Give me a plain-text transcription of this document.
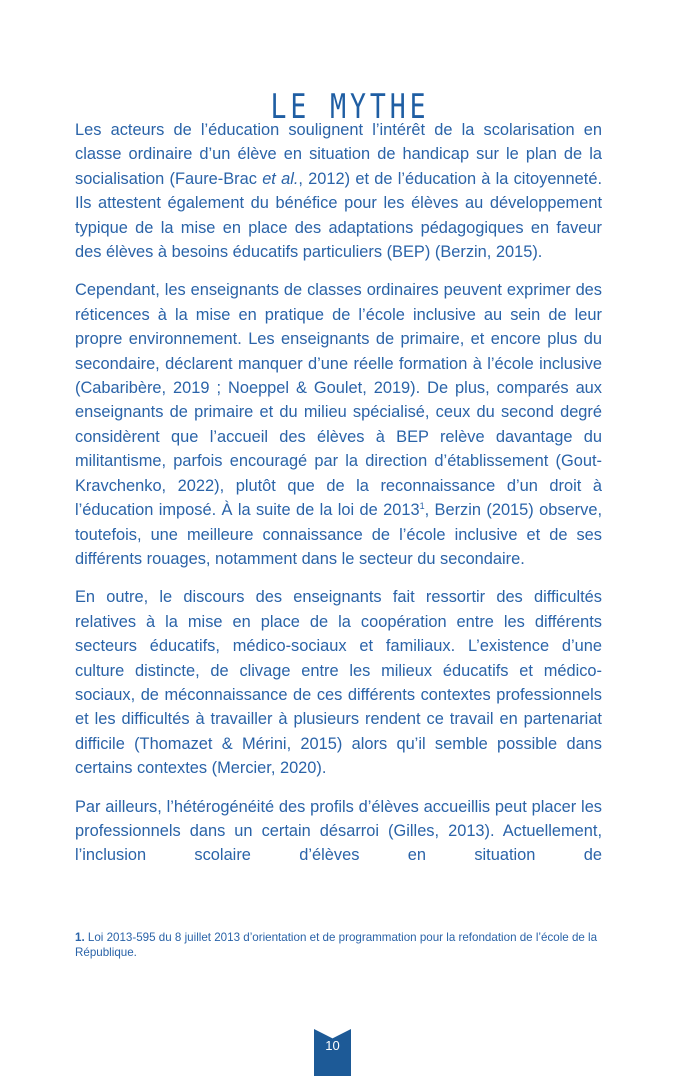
LE MYTHE

Les acteurs de l’éducation soulignent l’intérêt de la scolarisation en classe ordinaire d’un élève en situation de handicap sur le plan de la socialisation (Faure-Brac et al., 2012) et de l’éducation à la citoyenneté. Ils attestent également du bénéfice pour les élèves au développement typique de la mise en place des adaptations pédagogiques en faveur des élèves à besoins éducatifs particuliers (BEP) (Berzin, 2015).

Cependant, les enseignants de classes ordinaires peuvent exprimer des réticences à la mise en pratique de l’école inclusive au sein de leur propre environnement. Les enseignants de primaire, et encore plus du secondaire, déclarent manquer d’une réelle formation à l’école inclusive (Cabaribère, 2019 ; Noeppel & Goulet, 2019). De plus, comparés aux enseignants de primaire et du milieu spécialisé, ceux du second degré considèrent que l’accueil des élèves à BEP relève davantage du militantisme, parfois encouragé par la direction d’établissement (Gout-Kravchenko, 2022), plutôt que de la reconnaissance d’un droit à l’éducation imposé. À la suite de la loi de 2013$^1$, Berzin (2015) observe, toutefois, une meilleure connaissance de l’école inclusive et de ses différents rouages, notamment dans le secteur du secondaire.

En outre, le discours des enseignants fait ressortir des difficultés relatives à la mise en place de la coopération entre les différents secteurs éducatifs, médico-sociaux et familiaux. L’existence d’une culture distincte, de clivage entre les milieux éducatifs et médico-sociaux, de méconnaissance de ces différents contextes professionnels et les difficultés à travailler à plusieurs rendent ce travail en partenariat difficile (Thomazet & Mérini, 2015) alors qu’il semble possible dans certains contextes (Mercier, 2020).

Par ailleurs, l’hétérogénéité des profils d’élèves accueillis peut placer les professionnels dans un certain désarroi (Gilles, 2013). Actuellement, l’inclusion scolaire d’élèves en situation de

1. Loi 2013-595 du 8 juillet 2013 d’orientation et de programmation pour la refondation de l’école de la République.
10
